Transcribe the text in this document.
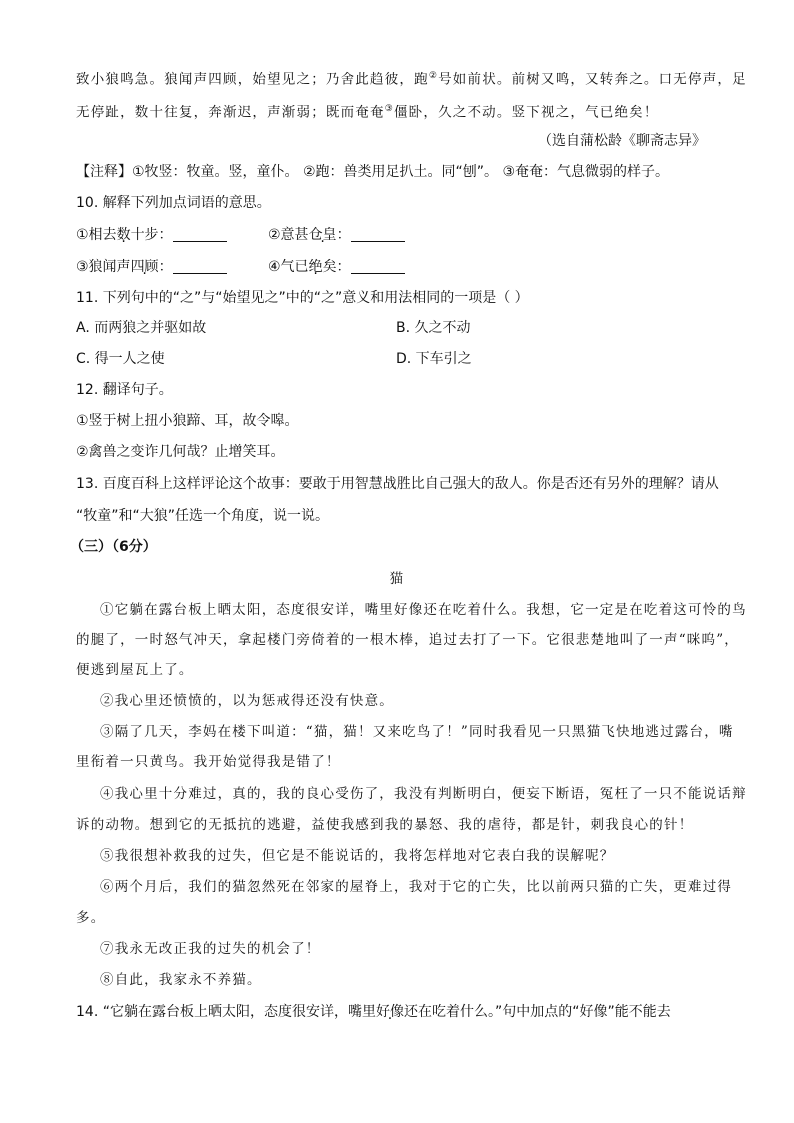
致小狼鸣急。狼闻声四顾，始望见之；乃舍此趋彼，跑②号如前状。前树又鸣，又转奔之。口无停声，足
无停趾，数十往复，奔渐迟，声渐弱；既而奄奄③僵卧，久之不动。竖下视之，气已绝矣！
（选自蒲松龄《聊斋志异》
【注释】①牧竖：牧童。竖，童仆。 ②跑：兽类用足扒土。同“刨”。 ③奄奄：气息微弱的样子。
10. 解释下列加点词语的意思。
①相去数十步：	②意甚仓皇：
③狼闻声四顾：	④气已绝矣：
11. 下列句中的“之”与“始望见之”中的“之”意义和用法相同的一项是（ ）
A. 而两狼之并驱如故	B. 久之不动
C. 得一人之使	D. 下车引之
12. 翻译句子。
①竖于树上扭小狼蹄、耳，故令嗥。
②禽兽之变诈几何哉？止增笑耳。
13. 百度百科上这样评论这个故事：要敢于用智慧战胜比自己强大的敌人。你是否还有另外的理解？请从
“牧童”和“大狼”任选一个角度，说一说。
（三）（6分）
猫
①它躺在露台板上晒太阳，态度很安详，嘴里好像还在吃着什么。我想，它一定是在吃着这可怜的鸟
的腿了，一时怒气冲天，拿起楼门旁倚着的一根木棒，追过去打了一下。它很悲楚地叫了一声“咪呜”，
便逃到屋瓦上了。
②我心里还愤愤的，以为惩戒得还没有快意。
③隔了几天，李妈在楼下叫道：“猫，猫！又来吃鸟了！”同时我看见一只黑猫飞快地逃过露台，嘴
里衔着一只黄鸟。我开始觉得我是错了！
④我心里十分难过，真的，我的良心受伤了，我没有判断明白，便妄下断语，冤枉了一只不能说话辩
诉的动物。想到它的无抵抗的逃避，益使我感到我的暴怒、我的虐待，都是针，刺我良心的针！
⑤我很想补救我的过失，但它是不能说话的，我将怎样地对它表白我的误解呢？
⑥两个月后，我们的猫忽然死在邻家的屋脊上，我对于它的亡失，比以前两只猫的亡失，更难过得
多。
⑦我永无改正我的过失的机会了！
⑧自此，我家永不养猫。
14. “它躺在露台板上晒太阳，态度很安详，嘴里好像还在吃着什么。”句中加点的“好像”能不能去
